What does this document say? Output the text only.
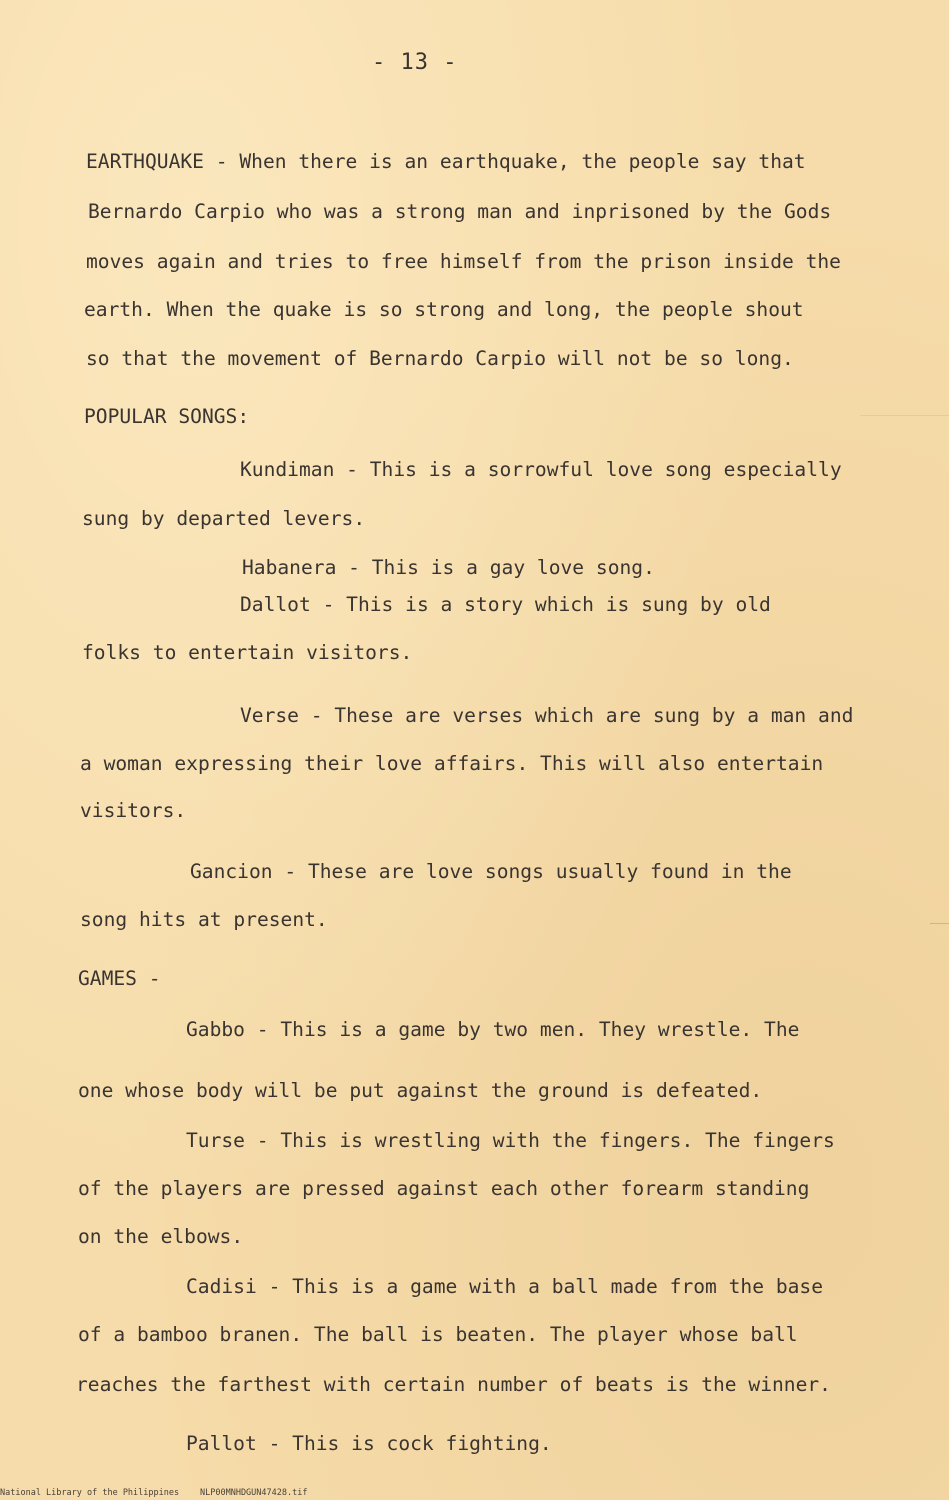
- 13 -
EARTHQUAKE - When there is an earthquake, the people say that
Bernardo Carpio who was a strong man and inprisoned by the Gods
moves again and tries to free himself from the prison inside the
earth. When the quake is so strong and long, the people shout
so that the movement of Bernardo Carpio will not be so long.
POPULAR SONGS:
Kundiman - This is a sorrowful love song especially
sung by departed levers.
Habanera - This is a gay love song.
Dallot - This is a story which is sung by old
folks to entertain visitors.
Verse - These are verses which are sung by a man and
a woman expressing their love affairs. This will also entertain
visitors.
Gancion - These are love songs usually found in the
song hits at present.
GAMES -
Gabbo - This is a game by two men. They wrestle. The
one whose body will be put against the ground is defeated.
Turse - This is wrestling with the fingers. The fingers
of the players are pressed against each other forearm standing
on the elbows.
Cadisi - This is a game with a ball made from the base
of a bamboo branen. The ball is beaten. The player whose ball
reaches the farthest with certain number of beats is the winner.
Pallot - This is cock fighting.
National Library of the Philippines NLP00MNHDGUN47428.tif
